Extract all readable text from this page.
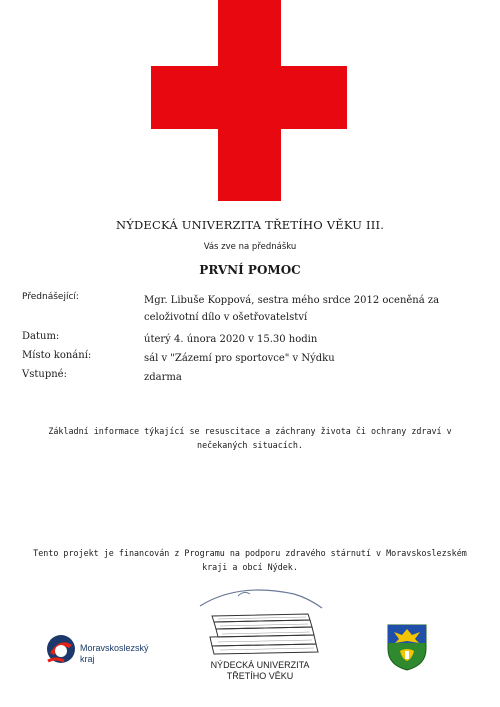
NÝDECKÁ UNIVERZITA TŘETÍHO VĚKU III.
Vás zve na přednášku
PRVNÍ POMOC
Přednášející:	Mgr. Libuše Koppová, sestra mého srdce 2012 oceněná za celoživotní dílo v ošetřovatelství
Datum:	úterý 4. února 2020 v 15.30 hodin
Místo konání:	sál v "Zázemí pro sportovce" v Nýdku
Vstupné:	zdarma
Základní informace týkající se resuscitace a záchrany života či ochrany zdraví v nečekaných situacích.
Tento projekt je financován z Programu na podporu zdravého stárnutí v Moravskoslezském kraji a obcí Nýdek.
Moravskoslezský
kraj
NÝDECKÁ UNIVERZITA
TŘETÍHO VĚKU
